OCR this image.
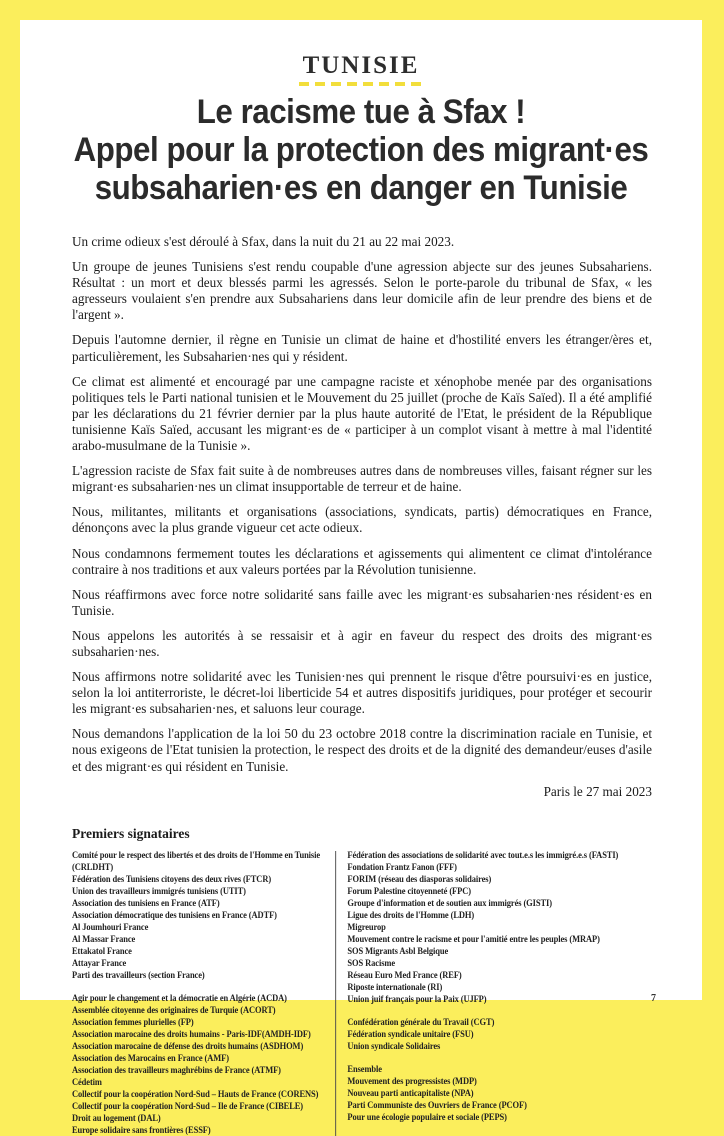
TUNISIE
Le racisme tue à Sfax !
Appel pour la protection des migrant·es
subsaharien·es en danger en Tunisie

Un crime odieux s'est déroulé à Sfax, dans la nuit du 21 au 22 mai 2023.

Un groupe de jeunes Tunisiens s'est rendu coupable d'une agression abjecte sur des jeunes Subsahariens. Résultat : un mort et deux blessés parmi les agressés. Selon le porte-parole du tribunal de Sfax, « les agresseurs voulaient s'en prendre aux Subsahariens dans leur domicile afin de leur prendre des biens et de l'argent ».

Depuis l'automne dernier, il règne en Tunisie un climat de haine et d'hostilité envers les étranger/ères et, particulièrement, les Subsaharien·nes qui y résident.

Ce climat est alimenté et encouragé par une campagne raciste et xénophobe menée par des organisations politiques tels le Parti national tunisien et le Mouvement du 25 juillet (proche de Kaïs Saïed). Il a été amplifié par les déclarations du 21 février dernier par la plus haute autorité de l'Etat, le président de la République tunisienne Kaïs Saïed, accusant les migrant·es de « participer à un complot visant à mettre à mal l'identité arabo-musulmane de la Tunisie ».

L'agression raciste de Sfax fait suite à de nombreuses autres dans de nombreuses villes, faisant régner sur les migrant·es subsaharien·nes un climat insupportable de terreur et de haine.

Nous, militantes, militants et organisations (associations, syndicats, partis) démocratiques en France, dénonçons avec la plus grande vigueur cet acte odieux.

Nous condamnons fermement toutes les déclarations et agissements qui alimentent ce climat d'intolérance contraire à nos traditions et aux valeurs portées par la Révolution tunisienne.

Nous réaffirmons avec force notre solidarité sans faille avec les migrant·es subsaharien·nes résident·es en Tunisie.

Nous appelons les autorités à se ressaisir et à agir en faveur du respect des droits des migrant·es subsaharien·nes.

Nous affirmons notre solidarité avec les Tunisien·nes qui prennent le risque d'être poursuivi·es en justice, selon la loi antiterroriste, le décret-loi liberticide 54 et autres dispositifs juridiques, pour protéger et secourir les migrant·es subsaharien·nes, et saluons leur courage.

Nous demandons l'application de la loi 50 du 23 octobre 2018 contre la discrimination raciale en Tunisie, et nous exigeons de l'Etat tunisien la protection, le respect des droits et de la dignité des demandeur/euses d'asile et des migrant·es qui résident en Tunisie.

Paris le 27 mai 2023
Premiers signataires
Comité pour le respect des libertés et des droits de l'Homme en Tunisie (CRLDHT)
Fédération des Tunisiens citoyens des deux rives (FTCR)
Union des travailleurs immigrés tunisiens (UTIT)
Association des tunisiens en France (ATF)
Association démocratique des tunisiens en France (ADTF)
Al Joumhouri France
Al Massar France
Ettakatol France
Attayar France
Parti des travailleurs (section France)
Agir pour le changement et la démocratie en Algérie (ACDA)
Assemblée citoyenne des originaires de Turquie (ACORT)
Association femmes plurielles (FP)
Association marocaine des droits humains - Paris-IDF(AMDH-IDF)
Association marocaine de défense des droits humains (ASDHOM)
Association des Marocains en France (AMF)
Association des travailleurs maghrébins de France (ATMF)
Cédetim
Collectif pour la coopération Nord-Sud – Hauts de France (CORENS)
Collectif pour la coopération Nord-Sud – Ile de France (CIBELE)
Droit au logement (DAL)
Europe solidaire sans frontières (ESSF)
Fédération des associations de solidarité avec tout.e.s les immigré.e.s (FASTI)
Fondation Frantz Fanon (FFF)
FORIM (réseau des diasporas solidaires)
Forum Palestine citoyenneté (FPC)
Groupe d'information et de soutien aux immigrés (GISTI)
Ligue des droits de l'Homme (LDH)
Migreurop
Mouvement contre le racisme et pour l'amitié entre les peuples (MRAP)
SOS Migrants Asbl Belgique
SOS Racisme
Réseau Euro Med France (REF)
Riposte internationale (RI)
Union juif français pour la Paix (UJFP)
Confédération générale du Travail (CGT)
Fédération syndicale unitaire (FSU)
Union syndicale Solidaires
Ensemble
Mouvement des progressistes (MDP)
Nouveau parti anticapitaliste (NPA)
Parti Communiste des Ouvriers de France (PCOF)
Pour une écologie populaire et sociale (PEPS)
7
